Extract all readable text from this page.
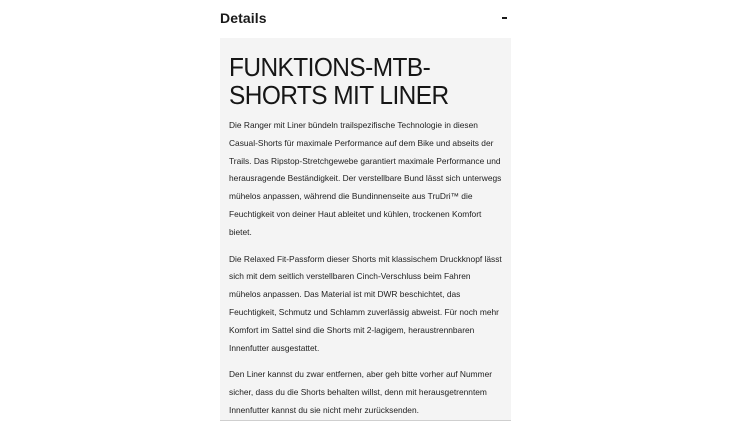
Details
FUNKTIONS-MTB-
SHORTS MIT LINER

Die Ranger mit Liner bündeln trailspezifische Technologie in diesen Casual-Shorts für maximale Performance auf dem Bike und abseits der Trails. Das Ripstop-Stretchgewebe garantiert maximale Performance und herausragende Beständigkeit. Der verstellbare Bund lässt sich unterwegs mühelos anpassen, während die Bundinnenseite aus TruDri™ die Feuchtigkeit von deiner Haut ableitet und kühlen, trockenen Komfort bietet.

Die Relaxed Fit-Passform dieser Shorts mit klassischem Druckknopf lässt sich mit dem seitlich verstellbaren Cinch-Verschluss beim Fahren mühelos anpassen. Das Material ist mit DWR beschichtet, das Feuchtigkeit, Schmutz und Schlamm zuverlässig abweist. Für noch mehr Komfort im Sattel sind die Shorts mit 2-lagigem, heraustrennbaren Innenfutter ausgestattet.

Den Liner kannst du zwar entfernen, aber geh bitte vorher auf Nummer sicher, dass du die Shorts behalten willst, denn mit herausgetrenntem Innenfutter kannst du sie nicht mehr zurücksenden.
